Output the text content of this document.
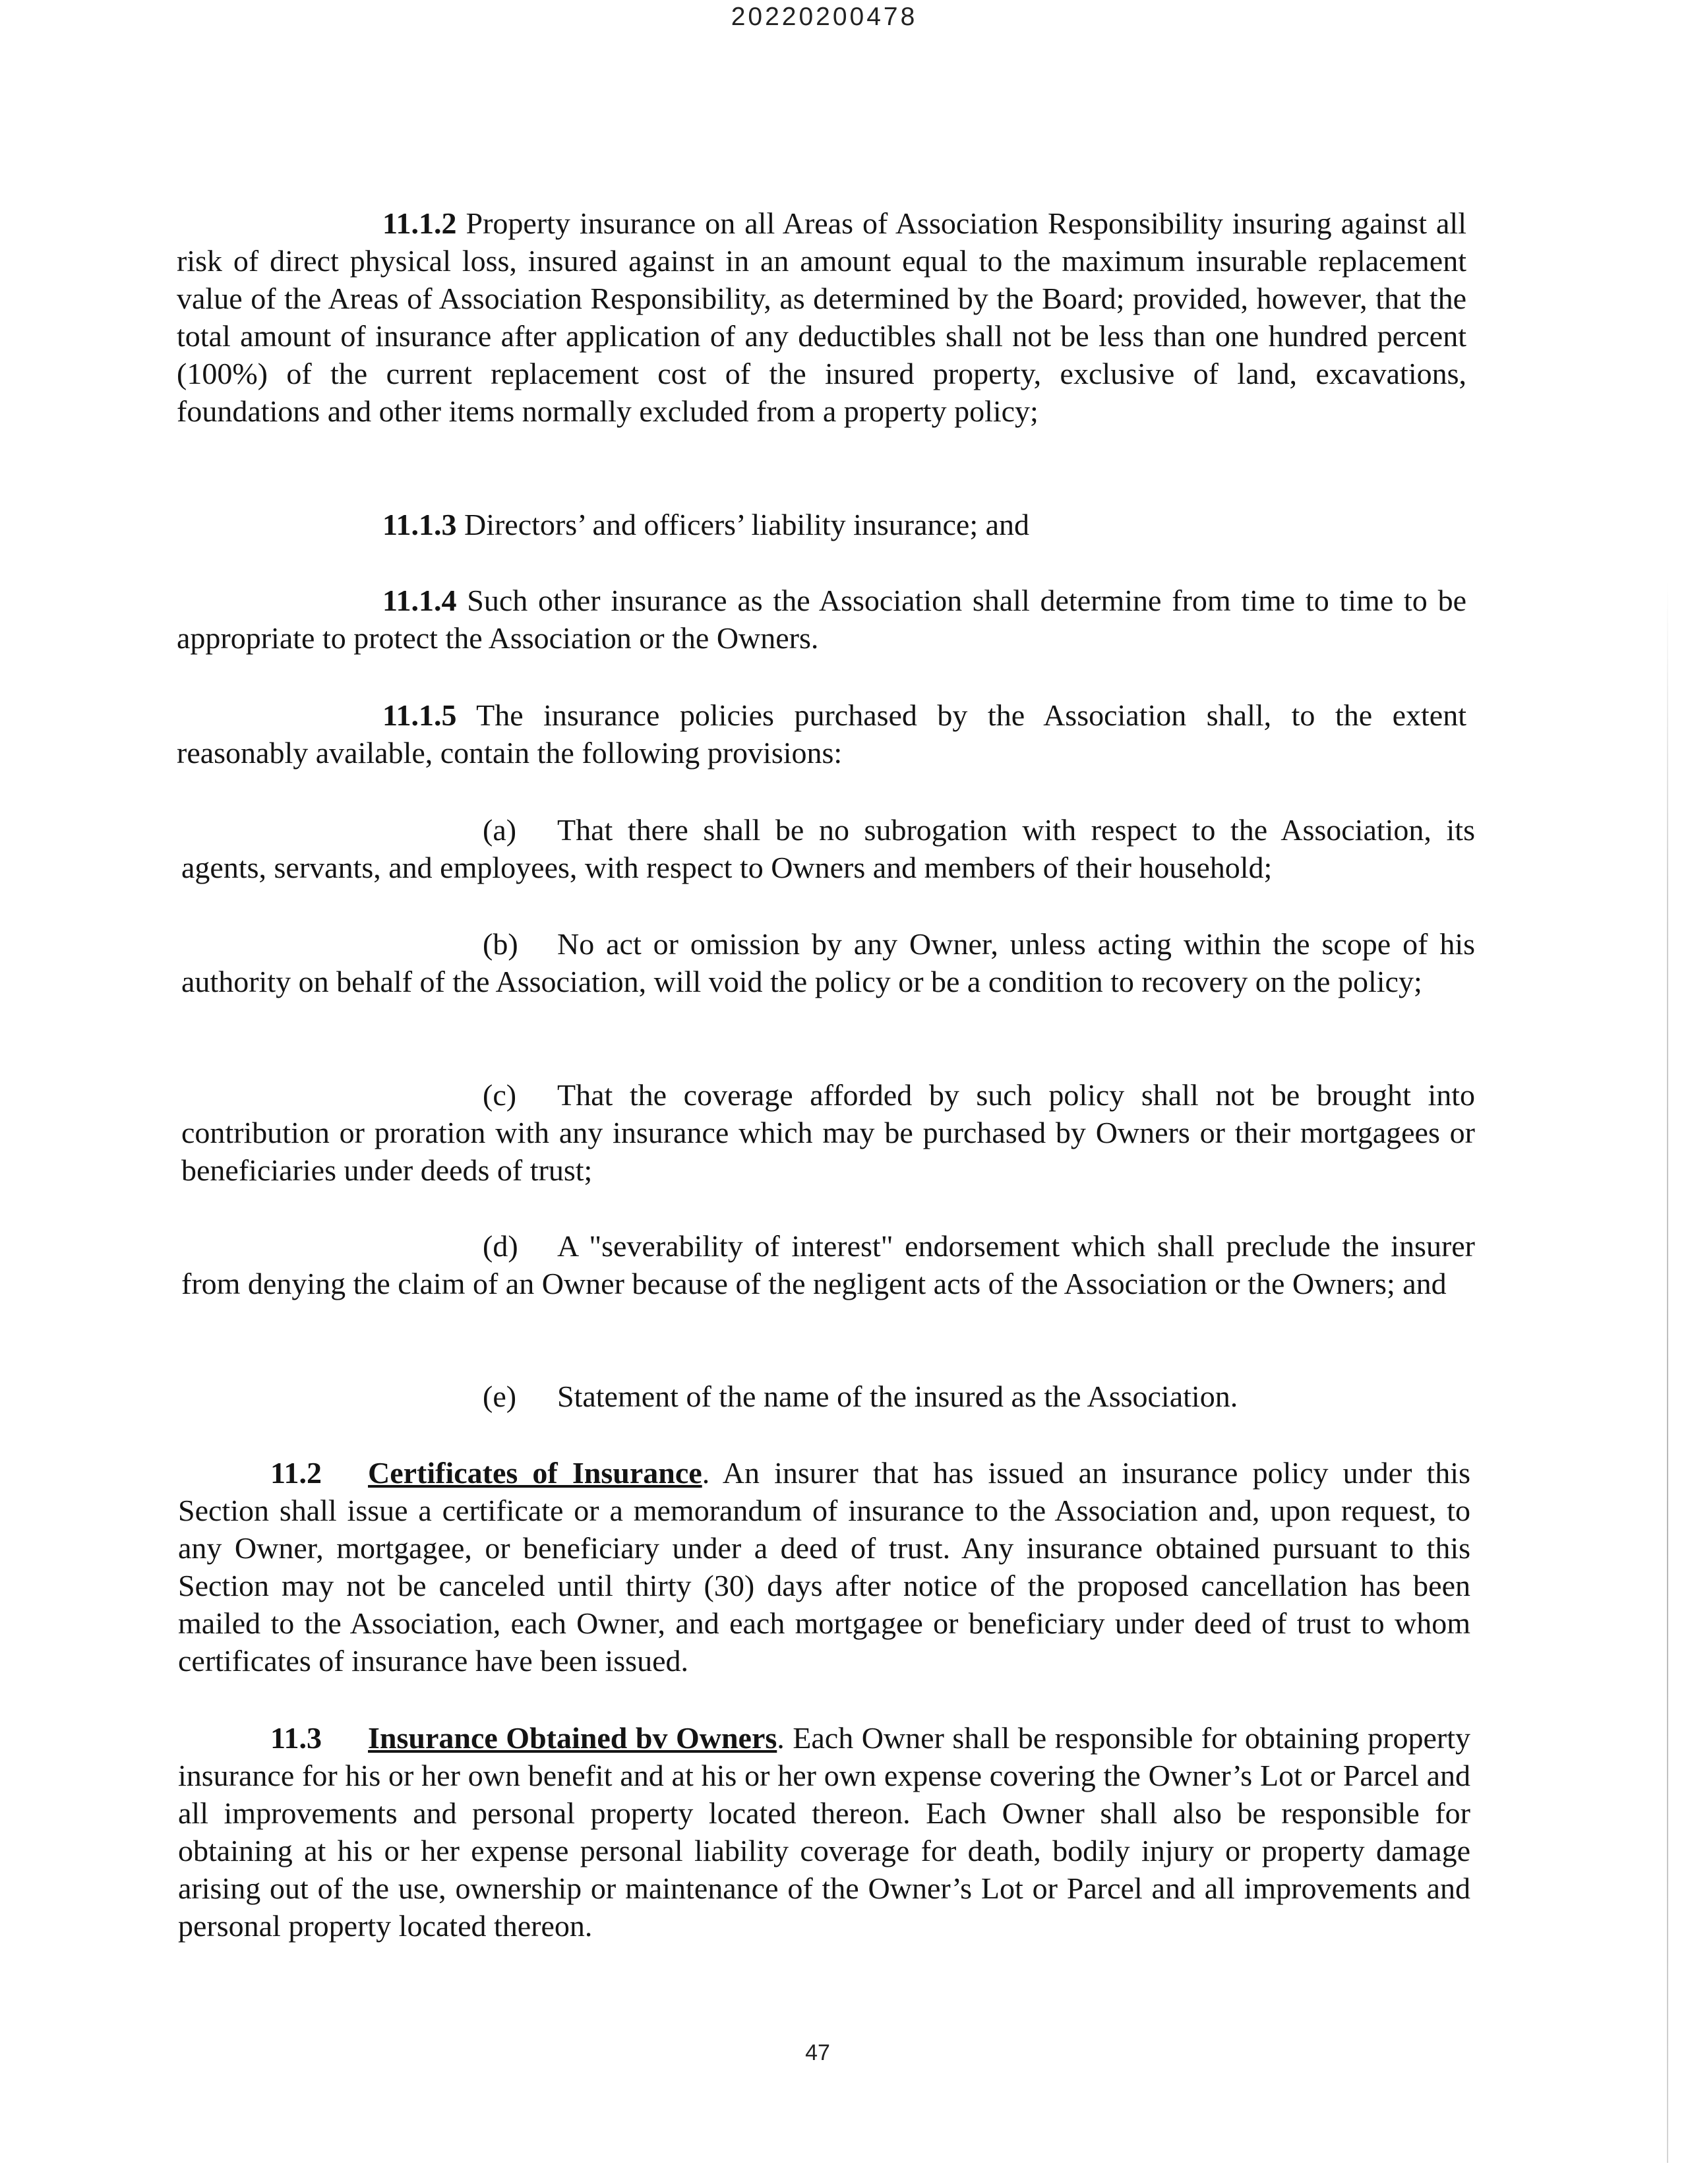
20220200478

11.1.2 Property insurance on all Areas of Association Responsibility insuring against all risk of direct physical loss, insured against in an amount equal to the maximum insurable replacement value of the Areas of Association Responsibility, as determined by the Board; provided, however, that the total amount of insurance after application of any deductibles shall not be less than one hundred percent (100%) of the current replacement cost of the insured property, exclusive of land, excavations, foundations and other items normally excluded from a property policy;

11.1.3 Directors’ and officers’ liability insurance; and

11.1.4 Such other insurance as the Association shall determine from time to time to be appropriate to protect the Association or the Owners.

11.1.5 The insurance policies purchased by the Association shall, to the extent reasonably available, contain the following provisions:

(a) That there shall be no subrogation with respect to the Association, its agents, servants, and employees, with respect to Owners and members of their household;

(b) No act or omission by any Owner, unless acting within the scope of his authority on behalf of the Association, will void the policy or be a condition to recovery on the policy;

(c) That the coverage afforded by such policy shall not be brought into contribution or proration with any insurance which may be purchased by Owners or their mortgagees or beneficiaries under deeds of trust;

(d) A "severability of interest" endorsement which shall preclude the insurer from denying the claim of an Owner because of the negligent acts of the Association or the Owners; and

(e) Statement of the name of the insured as the Association.

11.2 Certificates of Insurance. An insurer that has issued an insurance policy under this Section shall issue a certificate or a memorandum of insurance to the Association and, upon request, to any Owner, mortgagee, or beneficiary under a deed of trust. Any insurance obtained pursuant to this Section may not be canceled until thirty (30) days after notice of the proposed cancellation has been mailed to the Association, each Owner, and each mortgagee or beneficiary under deed of trust to whom certificates of insurance have been issued.

11.3 Insurance Obtained bv Owners. Each Owner shall be responsible for obtaining property insurance for his or her own benefit and at his or her own expense covering the Owner’s Lot or Parcel and all improvements and personal property located thereon. Each Owner shall also be responsible for obtaining at his or her expense personal liability coverage for death, bodily injury or property damage arising out of the use, ownership or maintenance of the Owner’s Lot or Parcel and all improvements and personal property located thereon.

47
